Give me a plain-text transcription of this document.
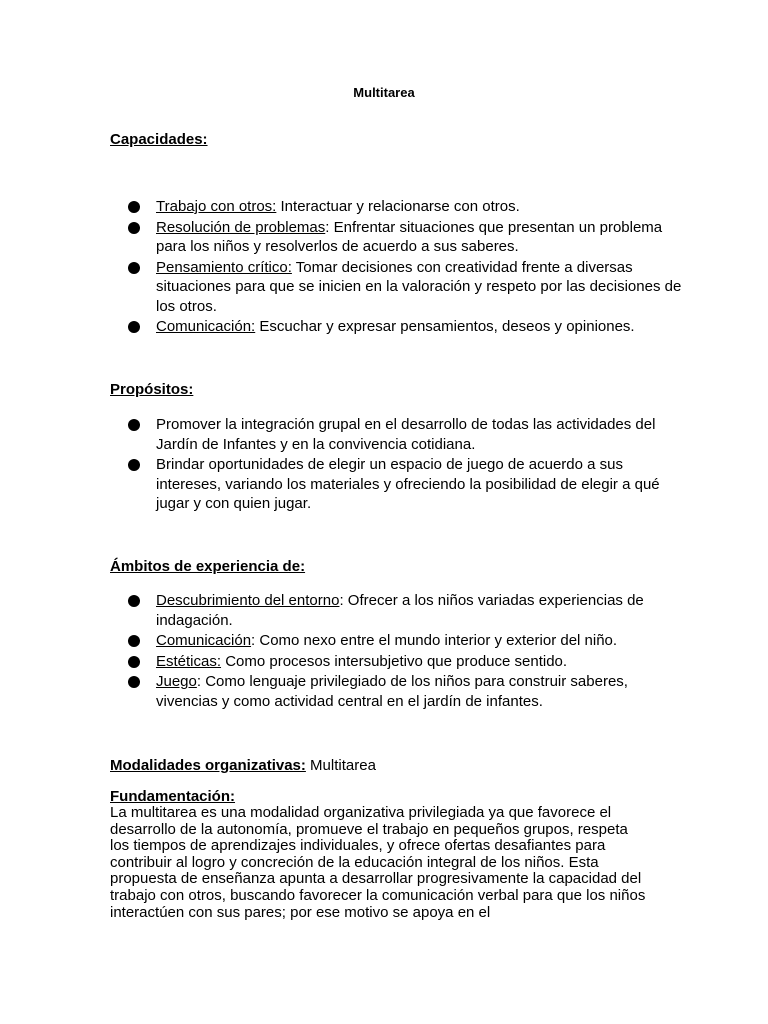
Multitarea
Capacidades:
Trabajo con otros: Interactuar y relacionarse con otros.
Resolución de problemas: Enfrentar situaciones que presentan un problema para los niños y resolverlos de acuerdo a sus saberes.
Pensamiento crítico: Tomar decisiones con creatividad frente a diversas situaciones para que se inicien en la valoración y respeto por las decisiones de los otros.
Comunicación: Escuchar y expresar pensamientos, deseos y opiniones.
Propósitos:
Promover la integración grupal en el desarrollo de todas las actividades del Jardín de Infantes y en la convivencia cotidiana.
Brindar oportunidades de elegir un espacio de juego de acuerdo a sus intereses, variando los materiales y ofreciendo la posibilidad de elegir a qué jugar y con quien jugar.
Ámbitos de experiencia de:
Descubrimiento del entorno: Ofrecer a los niños variadas experiencias de indagación.
Comunicación: Como nexo entre el mundo interior y exterior del niño.
Estéticas: Como procesos intersubjetivo que produce sentido.
Juego: Como lenguaje privilegiado de los niños para construir saberes, vivencias y como actividad central en el jardín de infantes.
Modalidades organizativas: Multitarea
Fundamentación:
La multitarea es una modalidad organizativa privilegiada ya que favorece el desarrollo de la autonomía, promueve el trabajo en pequeños grupos, respeta los tiempos de aprendizajes individuales, y ofrece ofertas desafiantes para contribuir al logro y concreción de la educación integral de los niños. Esta propuesta de enseñanza apunta a desarrollar progresivamente la capacidad del trabajo con otros, buscando favorecer la comunicación verbal para que los niños interactúen con sus pares; por ese motivo se apoya en el
